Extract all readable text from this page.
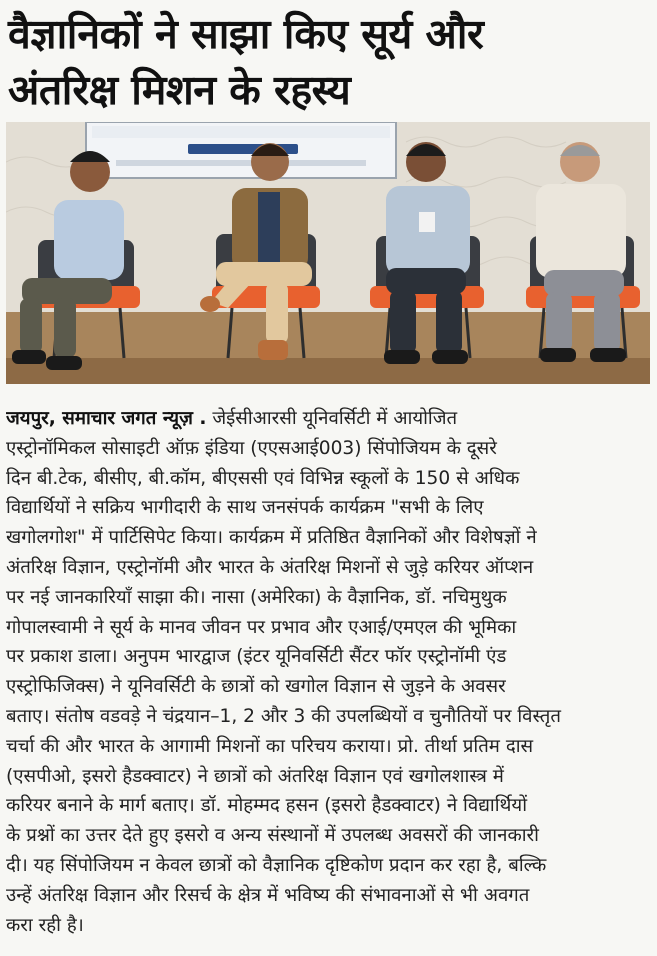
वैज्ञानिकों ने साझा किए सूर्य और
अंतरिक्ष मिशन के रहस्य
जयपुर, समाचार जगत न्यूज़ . जेईसीआरसी यूनिवर्सिटी में आयोजित
एस्ट्रोनॉमिकल सोसाइटी ऑफ़ इंडिया (एएसआई003) सिंपोजियम के दूसरे
दिन बी.टेक, बीसीए, बी.कॉम, बीएससी एवं विभिन्न स्कूलों के 150 से अधिक
विद्यार्थियों ने सक्रिय भागीदारी के साथ जनसंपर्क कार्यक्रम "सभी के लिए
खगोलगोश" में पार्टिसिपेट किया। कार्यक्रम में प्रतिष्ठित वैज्ञानिकों और विशेषज्ञों ने
अंतरिक्ष विज्ञान, एस्ट्रोनॉमी और भारत के अंतरिक्ष मिशनों से जुड़े करियर ऑप्शन
पर नई जानकारियाँ साझा की। नासा (अमेरिका) के वैज्ञानिक, डॉ. नचिमुथुक
गोपालस्वामी ने सूर्य के मानव जीवन पर प्रभाव और एआई/एमएल की भूमिका
पर प्रकाश डाला। अनुपम भारद्वाज (इंटर यूनिवर्सिटी सैंटर फॉर एस्ट्रोनॉमी एंड
एस्ट्रोफिजिक्स) ने यूनिवर्सिटी के छात्रों को खगोल विज्ञान से जुड़ने के अवसर
बताए। संतोष वडवड़े ने चंद्रयान–1, 2 और 3 की उपलब्धियों व चुनौतियों पर विस्तृत
चर्चा की और भारत के आगामी मिशनों का परिचय कराया। प्रो. तीर्था प्रतिम दास
(एसपीओ, इसरो हैडक्वाटर) ने छात्रों को अंतरिक्ष विज्ञान एवं खगोलशास्त्र में
करियर बनाने के मार्ग बताए। डॉ. मोहम्मद हसन (इसरो हैडक्वाटर) ने विद्यार्थियों
के प्रश्नों का उत्तर देते हुए इसरो व अन्य संस्थानों में उपलब्ध अवसरों की जानकारी
दी। यह सिंपोजियम न केवल छात्रों को वैज्ञानिक दृष्टिकोण प्रदान कर रहा है, बल्कि
उन्हें अंतरिक्ष विज्ञान और रिसर्च के क्षेत्र में भविष्य की संभावनाओं से भी अवगत
करा रही है।
